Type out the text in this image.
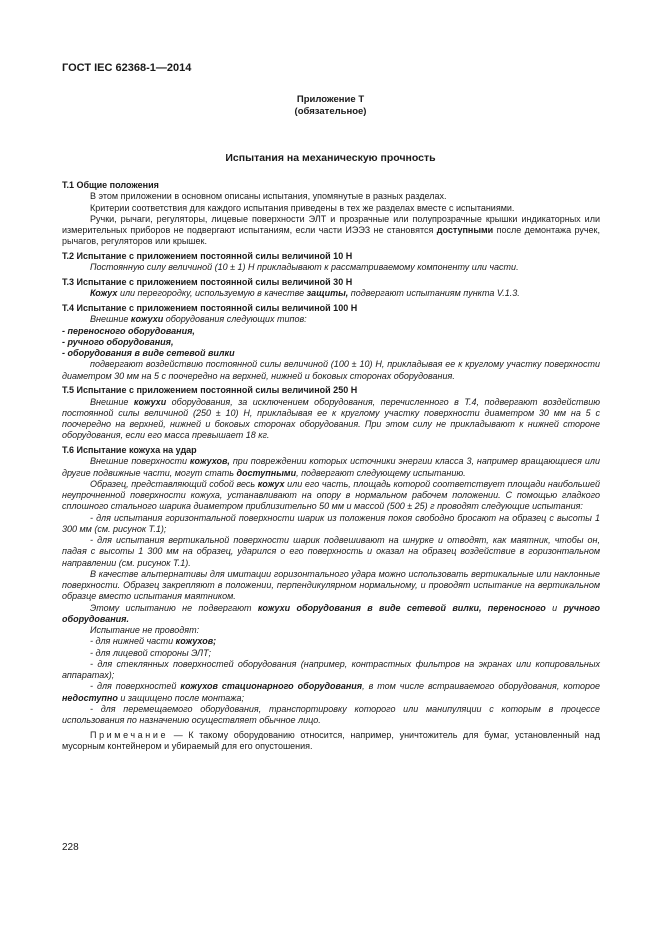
ГОСТ IEC 62368-1—2014
Приложение Т
(обязательное)
Испытания на механическую прочность

Т.1 Общие положения

В этом приложении в основном описаны испытания, упомянутые в разных разделах.

Критерии соответствия для каждого испытания приведены в тех же разделах вместе с испытаниями.

Ручки, рычаги, регуляторы, лицевые поверхности ЭЛТ и прозрачные или полупрозрачные крышки индикаторных или измерительных приборов не подвергают испытаниям, если части ИЭЭЗ не становятся доступными после демонтажа ручек, рычагов, регуляторов или крышек.

Т.2 Испытание с приложением постоянной силы величиной 10 Н

Постоянную силу величиной (10 ± 1) Н прикладывают к рассматриваемому компоненту или части.

Т.3 Испытание с приложением постоянной силы величиной 30 Н

Кожух или перегородку, используемую в качестве защиты, подвергают испытаниям пункта V.1.3.

Т.4 Испытание с приложением постоянной силы величиной 100 Н

Внешние кожухи оборудования следующих типов:

- переносного оборудования,

- ручного оборудования,

- оборудования в виде сетевой вилки

подвергают воздействию постоянной силы величиной (100 ± 10) Н, прикладывая ее к круглому участку поверхности диаметром 30 мм на 5 с поочередно на верхней, нижней и боковых сторонах оборудования.

Т.5 Испытание с приложением постоянной силы величиной 250 Н

Внешние кожухи оборудования, за исключением оборудования, перечисленного в Т.4, подвергают воздействию постоянной силы величиной (250 ± 10) Н, прикладывая ее к круглому участку поверхности диаметром 30 мм на 5 с поочередно на верхней, нижней и боковых сторонах оборудования. При этом силу не прикладывают к нижней стороне оборудования, если его масса превышает 18 кг.

Т.6 Испытание кожуха на удар

Внешние поверхности кожухов, при повреждении которых источники энергии класса 3, например вращающиеся или другие подвижные части, могут стать доступными, подвергают следующему испытанию.

Образец, представляющий собой весь кожух или его часть, площадь которой соответствует площади наибольшей неупрочненной поверхности кожуха, устанавливают на опору в нормальном рабочем положении. С помощью гладкого сплошного стального шарика диаметром приблизительно 50 мм и массой (500 ± 25) г проводят следующие испытания:

- для испытания горизонтальной поверхности шарик из положения покоя свободно бросают на образец с высоты 1 300 мм (см. рисунок Т.1);

- для испытания вертикальной поверхности шарик подвешивают на шнурке и отводят, как маятник, чтобы он, падая с высоты 1 300 мм на образец, ударился о его поверхность и оказал на образец воздействие в горизонтальном направлении (см. рисунок Т.1).

В качестве альтернативы для имитации горизонтального удара можно использовать вертикальные или наклонные поверхности. Образец закрепляют в положении, перпендикулярном нормальному, и проводят испытание на вертикальном образце вместо испытания маятником.

Этому испытанию не подвергают кожухи оборудования в виде сетевой вилки, переносного и ручного оборудования.

Испытание не проводят:

- для нижней части кожухов;

- для лицевой стороны ЭЛТ;

- для стеклянных поверхностей оборудования (например, контрастных фильтров на экранах или копировальных аппаратах);

- для поверхностей кожухов стационарного оборудования, в том числе встраиваемого оборудования, которое недоступно и защищено после монтажа;

- для перемещаемого оборудования, транспортировку которого или манипуляции с которым в процессе использования по назначению осуществляет обычное лицо.

Примечание — К такому оборудованию относится, например, уничтожитель для бумаг, установленный над мусорным контейнером и убираемый для его опустошения.

228
